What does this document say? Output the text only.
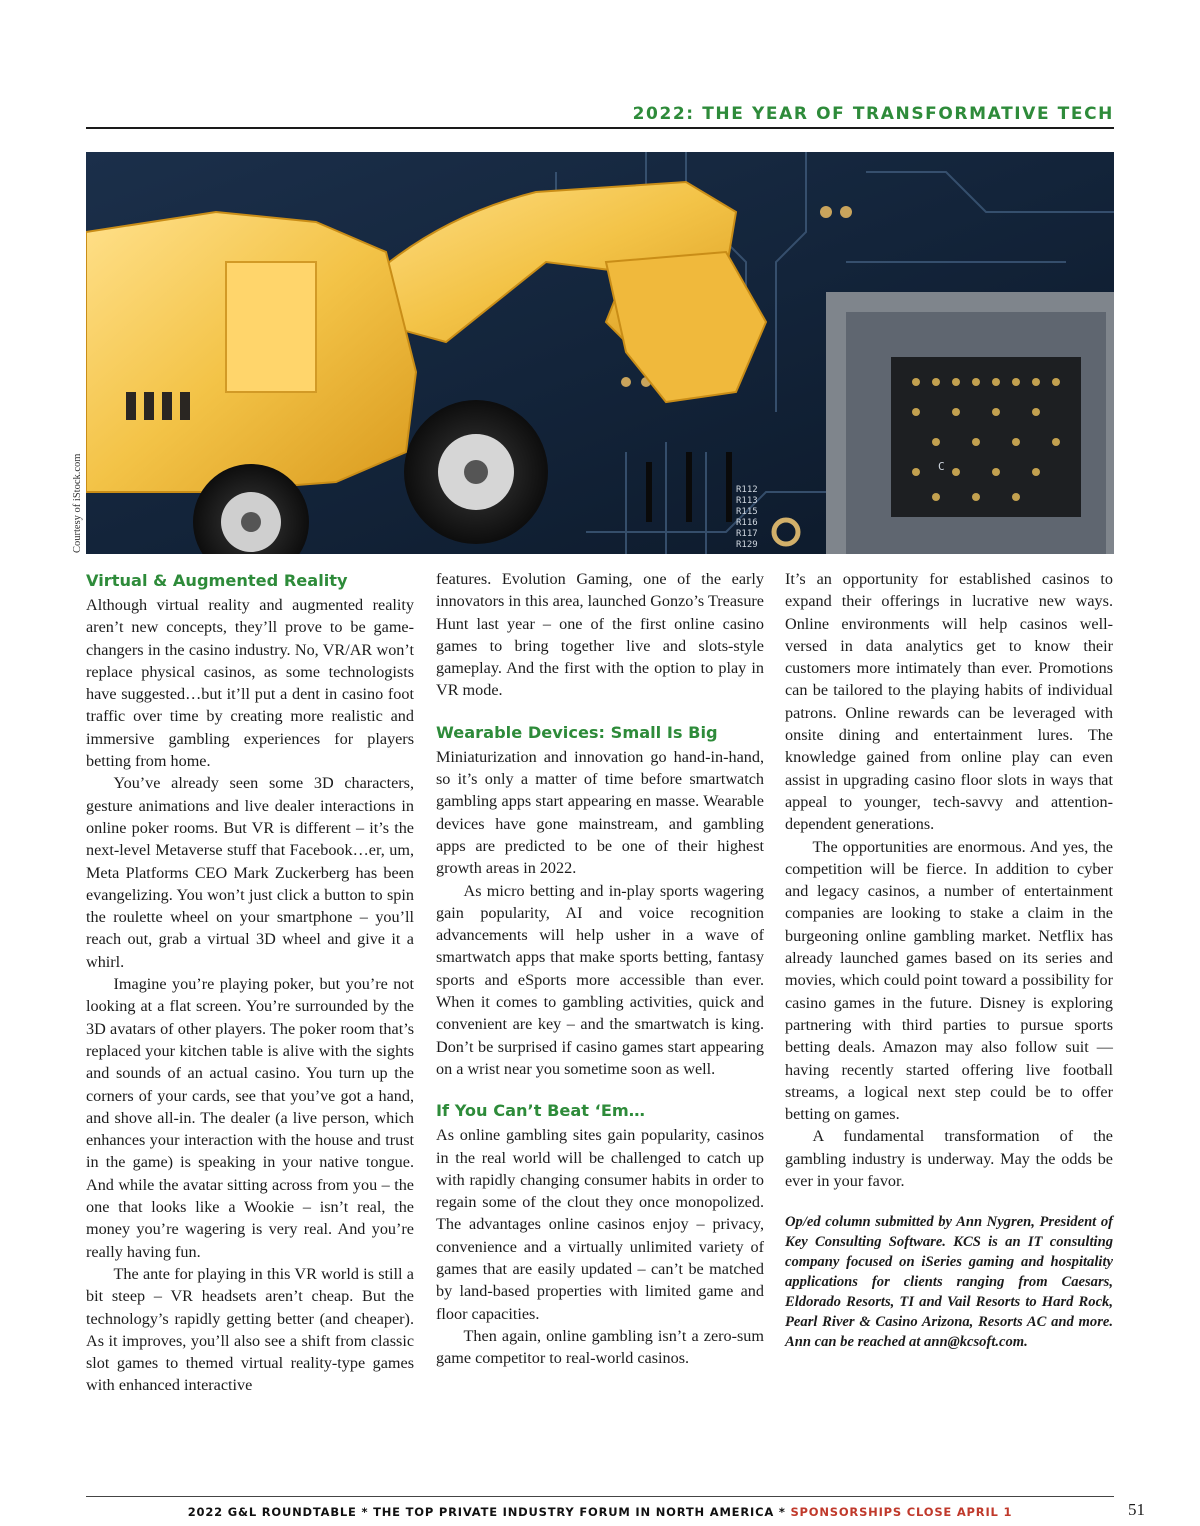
2022: THE YEAR OF TRANSFORMATIVE TECH
R112
R113
R115
R116
R117
R129
C
Courtesy of iStock.com
Virtual & Augmented Reality

Although virtual reality and augmented reality aren’t new concepts, they’ll prove to be game-changers in the casino industry. No, VR/AR won’t replace physical casinos, as some technologists have suggested…but it’ll put a dent in casino foot traffic over time by creating more realistic and immersive gambling experiences for players betting from home.

You’ve already seen some 3D characters, gesture animations and live dealer interactions in online poker rooms. But VR is different – it’s the next-level Metaverse stuff that Facebook…er, um, Meta Platforms CEO Mark Zuckerberg has been evangelizing. You won’t just click a button to spin the roulette wheel on your smartphone – you’ll reach out, grab a virtual 3D wheel and give it a whirl.

Imagine you’re playing poker, but you’re not looking at a flat screen. You’re surrounded by the 3D avatars of other players. The poker room that’s replaced your kitchen table is alive with the sights and sounds of an actual casino. You turn up the corners of your cards, see that you’ve got a hand, and shove all-in. The dealer (a live person, which enhances your interaction with the house and trust in the game) is speaking in your native tongue. And while the avatar sitting across from you – the one that looks like a Wookie – isn’t real, the money you’re wagering is very real. And you’re really having fun.

The ante for playing in this VR world is still a bit steep – VR headsets aren’t cheap. But the technology’s rapidly getting better (and cheaper). As it improves, you’ll also see a shift from classic slot games to themed virtual reality-type games with enhanced interactive

features. Evolution Gaming, one of the early innovators in this area, launched Gonzo’s Treasure Hunt last year – one of the first online casino games to bring together live and slots-style gameplay. And the first with the option to play in VR mode.

Wearable Devices: Small Is Big

Miniaturization and innovation go hand-in-hand, so it’s only a matter of time before smartwatch gambling apps start appearing en masse. Wearable devices have gone mainstream, and gambling apps are predicted to be one of their highest growth areas in 2022.

As micro betting and in-play sports wagering gain popularity, AI and voice recognition advancements will help usher in a wave of smartwatch apps that make sports betting, fantasy sports and eSports more accessible than ever. When it comes to gambling activities, quick and convenient are key – and the smartwatch is king. Don’t be surprised if casino games start appearing on a wrist near you sometime soon as well.

If You Can’t Beat ‘Em…

As online gambling sites gain popularity, casinos in the real world will be challenged to catch up with rapidly changing consumer habits in order to regain some of the clout they once monopolized. The advantages online casinos enjoy – privacy, convenience and a virtually unlimited variety of games that are easily updated – can’t be matched by land-based properties with limited game and floor capacities.

Then again, online gambling isn’t a zero-sum game competitor to real-world casinos.

It’s an opportunity for established casinos to expand their offerings in lucrative new ways. Online environments will help casinos well-versed in data analytics get to know their customers more intimately than ever. Promotions can be tailored to the playing habits of individual patrons. Online rewards can be leveraged with onsite dining and entertainment lures. The knowledge gained from online play can even assist in upgrading casino floor slots in ways that appeal to younger, tech-savvy and attention-dependent generations.

The opportunities are enormous. And yes, the competition will be fierce. In addition to cyber and legacy casinos, a number of entertainment companies are looking to stake a claim in the burgeoning online gambling market. Netflix has already launched games based on its series and movies, which could point toward a possibility for casino games in the future. Disney is exploring partnering with third parties to pursue sports betting deals. Amazon may also follow suit — having recently started offering live football streams, a logical next step could be to offer betting on games.

A fundamental transformation of the gambling industry is underway. May the odds be ever in your favor.

Op/ed column submitted by Ann Nygren, President of Key Consulting Software. KCS is an IT consulting company focused on iSeries gaming and hospitality applications for clients ranging from Caesars, Eldorado Resorts, TI and Vail Resorts to Hard Rock, Pearl River & Casino Arizona, Resorts AC and more. Ann can be reached at ann@kcsoft.com.

2022 G&L ROUNDTABLE * THE TOP PRIVATE INDUSTRY FORUM IN NORTH AMERICA * SPONSORSHIPS CLOSE APRIL 1	51
